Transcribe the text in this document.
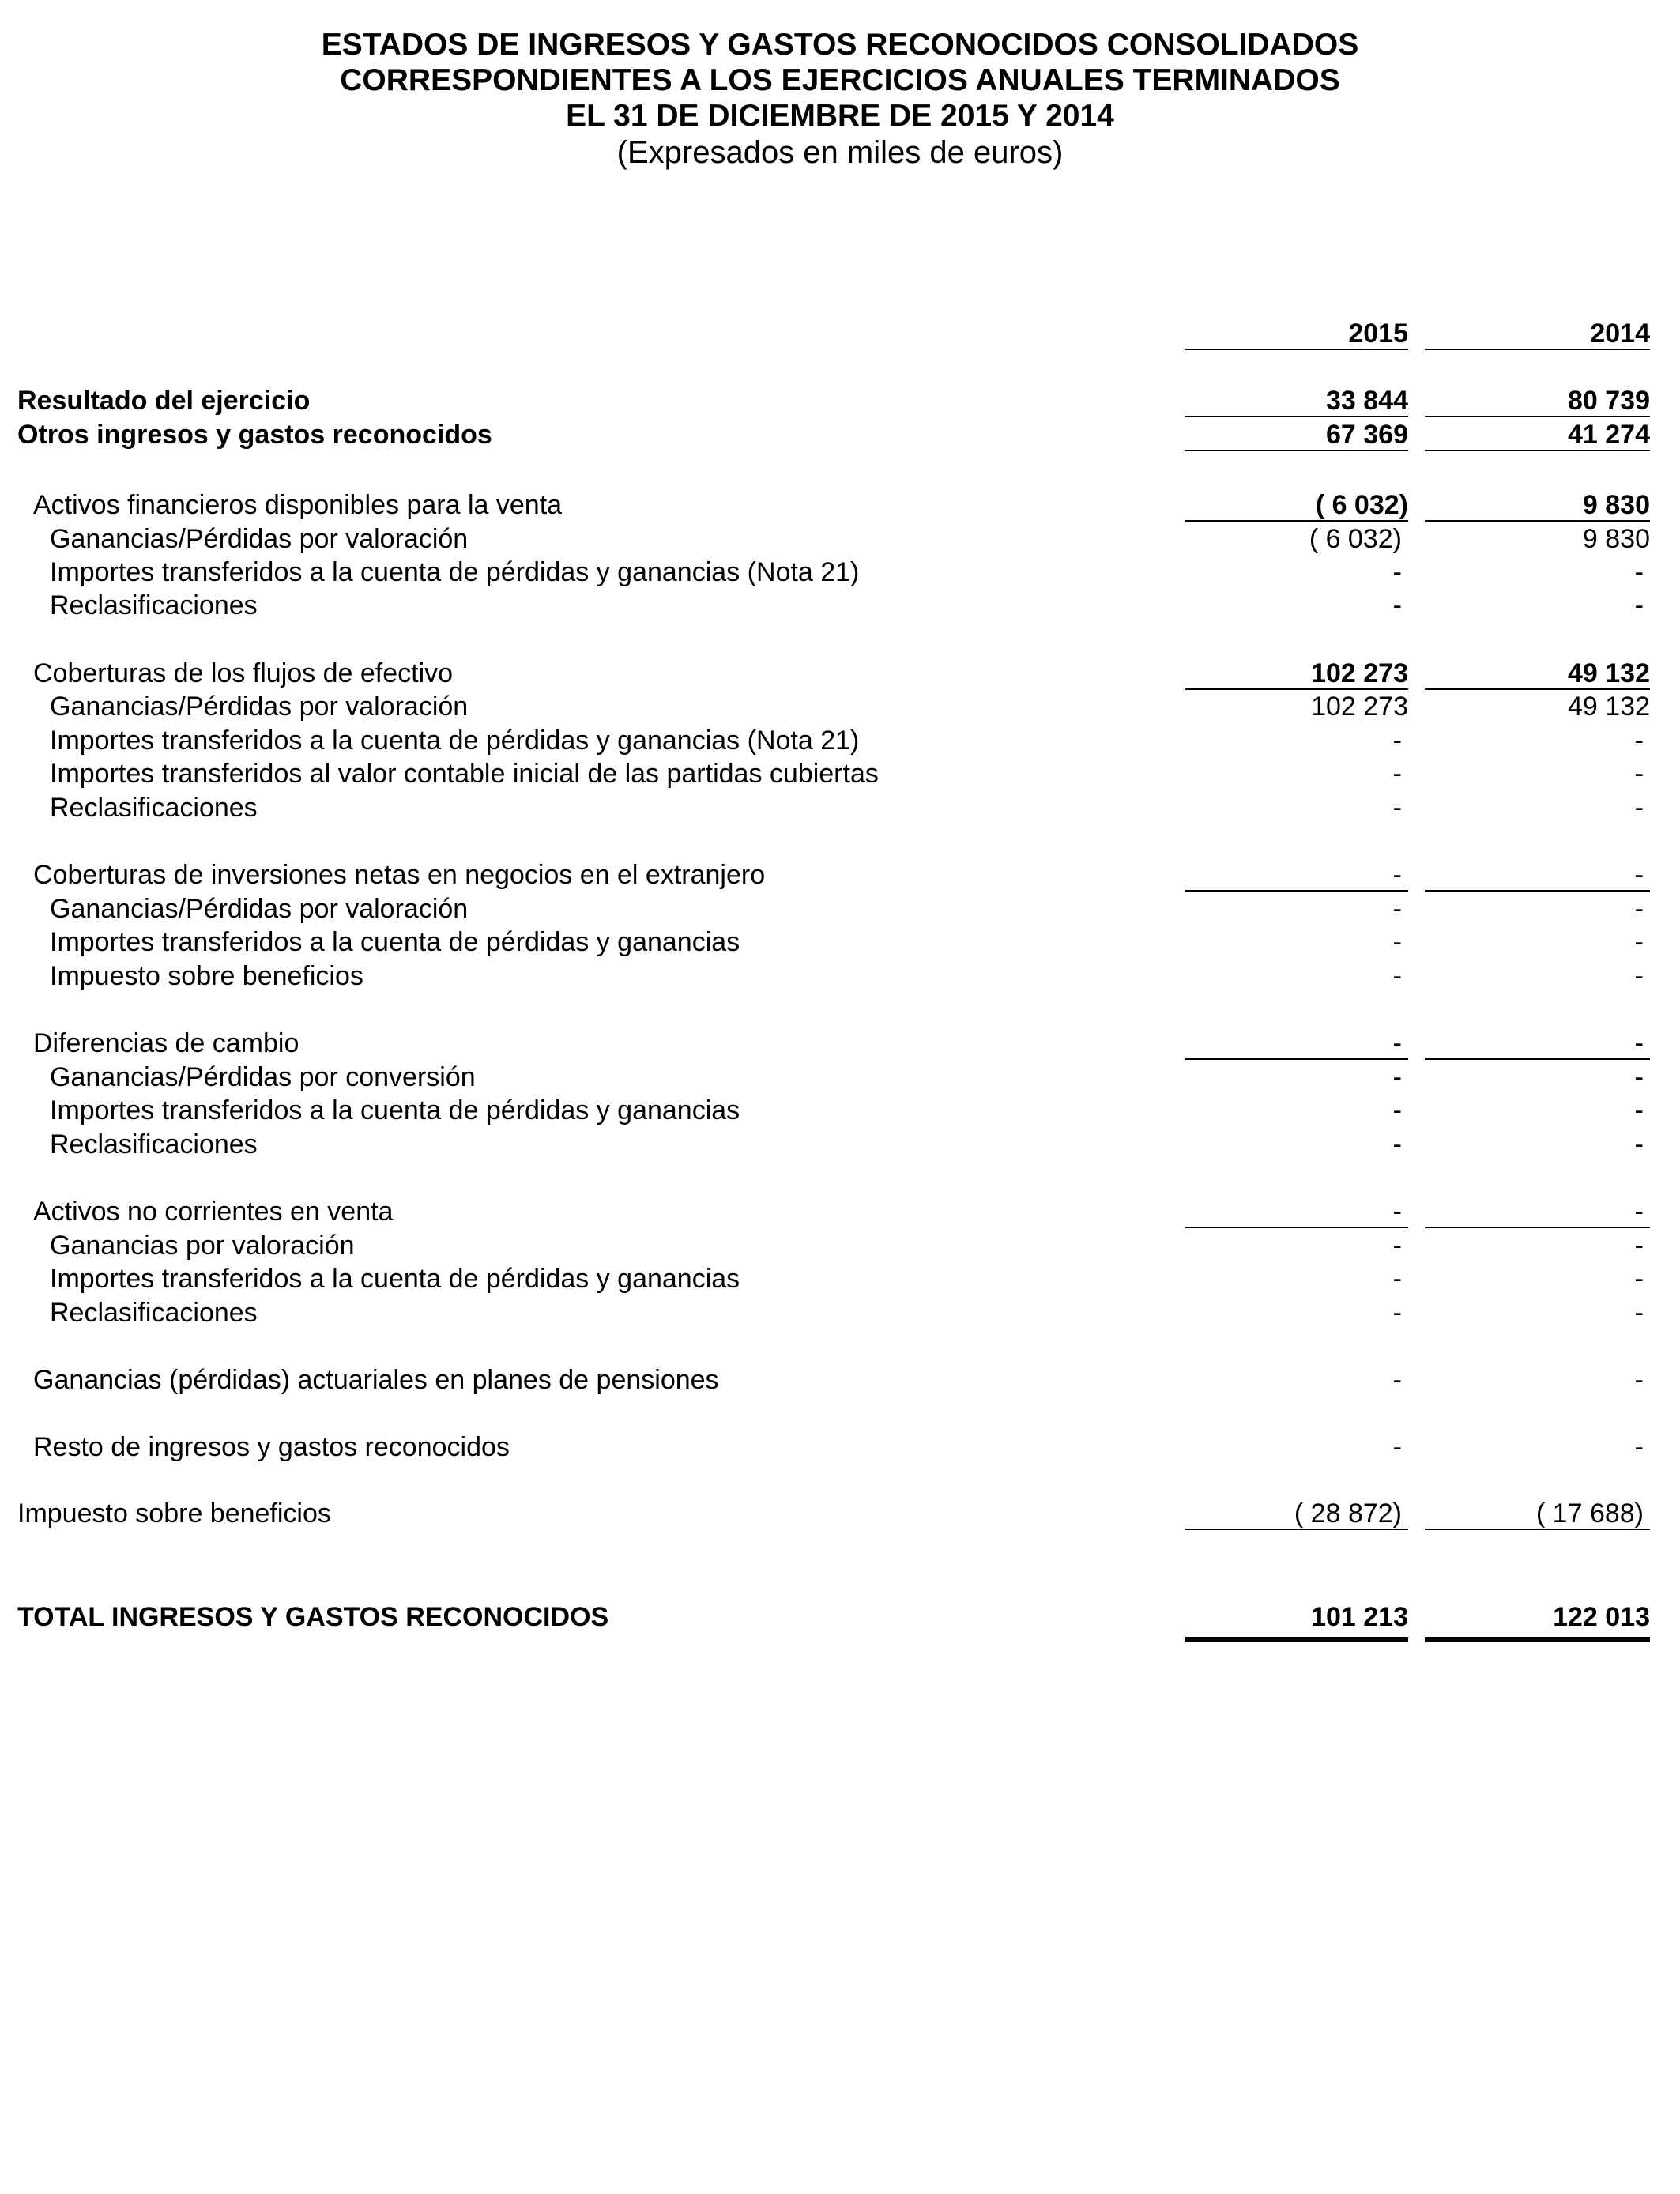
ESTADOS DE INGRESOS Y GASTOS RECONOCIDOS CONSOLIDADOS
CORRESPONDIENTES A LOS EJERCICIOS ANUALES TERMINADOS
EL 31 DE DICIEMBRE DE 2015 Y 2014
(Expresados en miles de euros)
2015	2014
Resultado del ejercicio	33 844	80 739
Otros ingresos y gastos reconocidos	67 369	41 274
Activos financieros disponibles para la venta	( 6 032)	9 830
Ganancias/Pérdidas por valoración	( 6 032)	9 830
Importes transferidos a la cuenta de pérdidas y ganancias (Nota 21)	-	-
Reclasificaciones	-	-
Coberturas de los flujos de efectivo	102 273	49 132
Ganancias/Pérdidas por valoración	102 273	49 132
Importes transferidos a la cuenta de pérdidas y ganancias (Nota 21)	-	-
Importes transferidos al valor contable inicial de las partidas cubiertas	-	-
Reclasificaciones	-	-
Coberturas de inversiones netas en negocios en el extranjero	-	-
Ganancias/Pérdidas por valoración	-	-
Importes transferidos a la cuenta de pérdidas y ganancias	-	-
Impuesto sobre beneficios	-	-
Diferencias de cambio	-	-
Ganancias/Pérdidas por conversión	-	-
Importes transferidos a la cuenta de pérdidas y ganancias	-	-
Reclasificaciones	-	-
Activos no corrientes en venta	-	-
Ganancias por valoración	-	-
Importes transferidos a la cuenta de pérdidas y ganancias	-	-
Reclasificaciones	-	-
Ganancias (pérdidas) actuariales en planes de pensiones	-	-
Resto de ingresos y gastos reconocidos	-	-
Impuesto sobre beneficios	( 28 872)	( 17 688)
TOTAL INGRESOS Y GASTOS RECONOCIDOS	101 213	122 013
